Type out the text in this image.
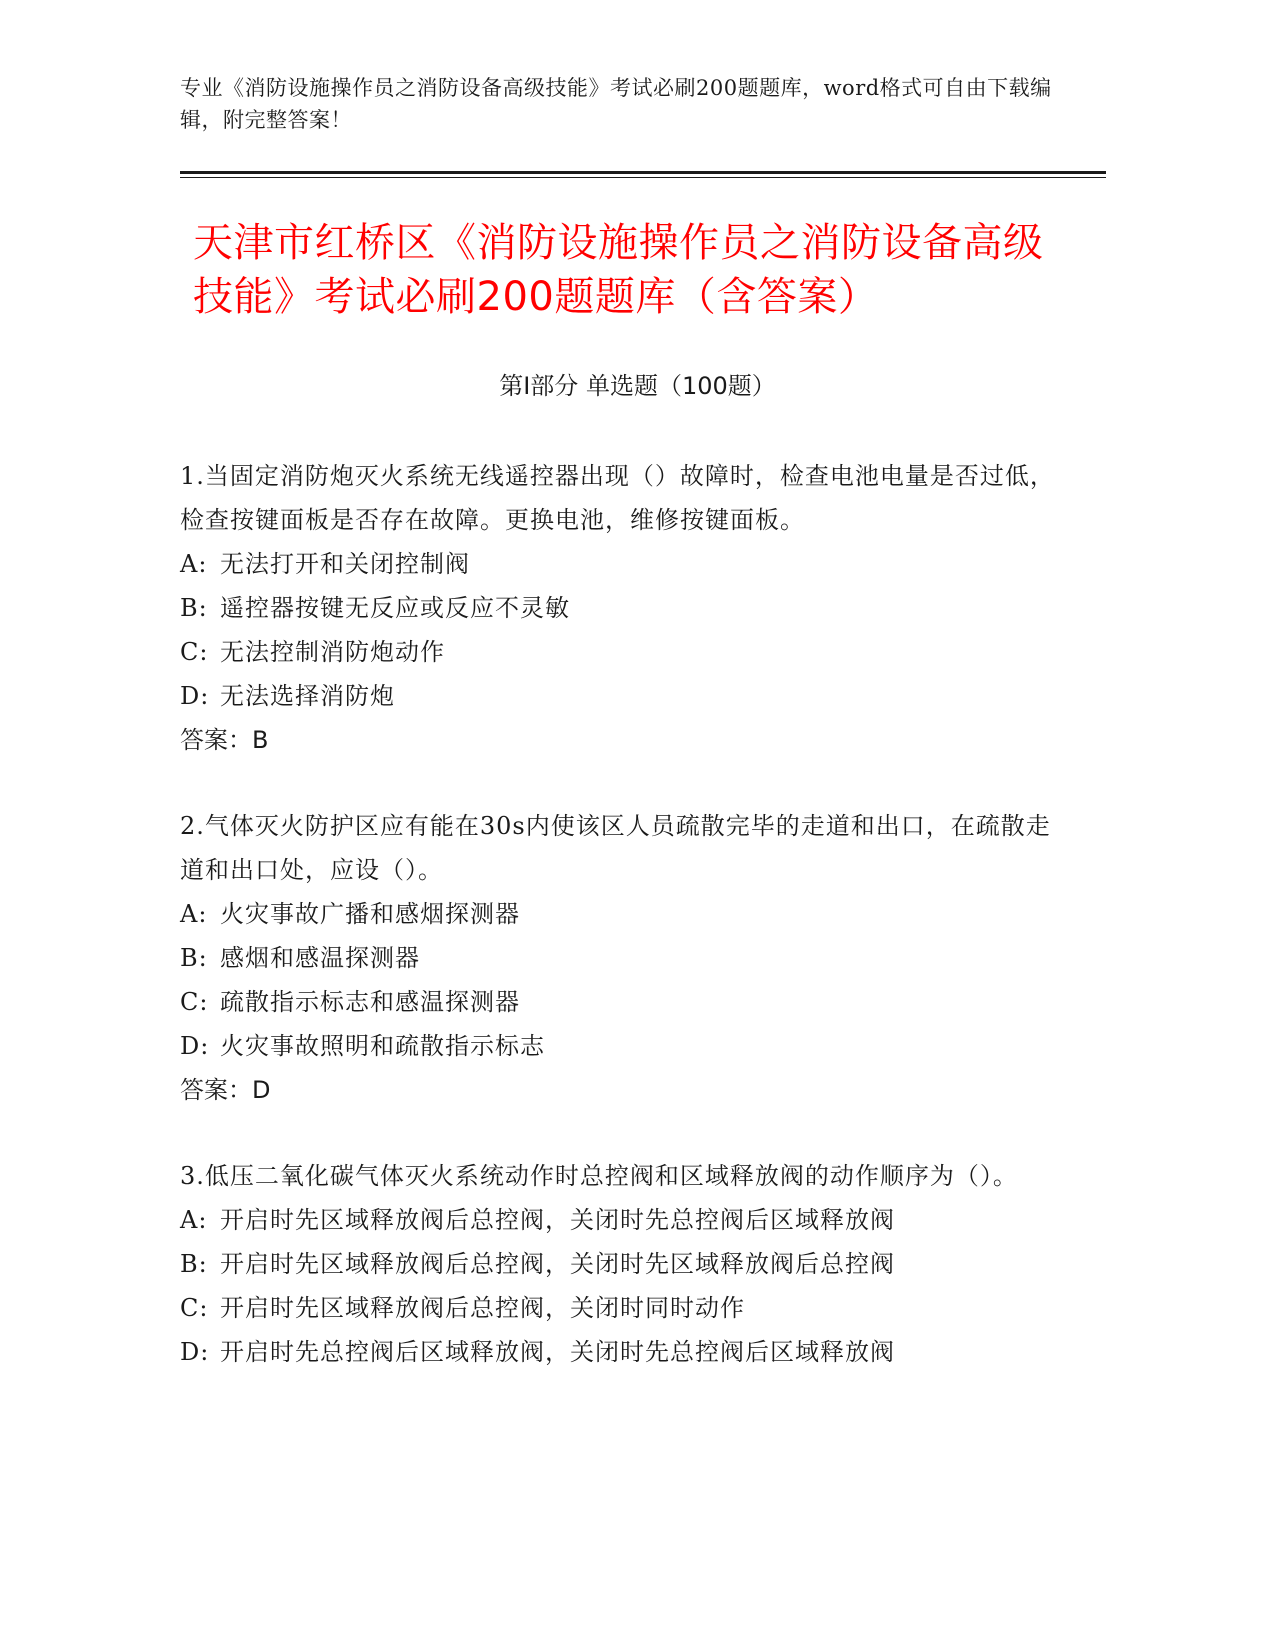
专业《消防设施操作员之消防设备高级技能》考试必刷200题题库，word格式可自由下载编辑，附完整答案！
天津市红桥区《消防设施操作员之消防设备高级技能》考试必刷200题题库（含答案）
第I部分 单选题（100题）
1.当固定消防炮灭火系统无线遥控器出现（）故障时，检查电池电量是否过低，检查按键面板是否存在故障。更换电池，维修按键面板。
A: 无法打开和关闭控制阀
B: 遥控器按键无反应或反应不灵敏
C: 无法控制消防炮动作
D: 无法选择消防炮
答案：B
2.气体灭火防护区应有能在30s内使该区人员疏散完毕的走道和出口，在疏散走道和出口处，应设（）。
A: 火灾事故广播和感烟探测器
B: 感烟和感温探测器
C: 疏散指示标志和感温探测器
D: 火灾事故照明和疏散指示标志
答案：D
3.低压二氧化碳气体灭火系统动作时总控阀和区域释放阀的动作顺序为（）。
A: 开启时先区域释放阀后总控阀，关闭时先总控阀后区域释放阀
B: 开启时先区域释放阀后总控阀，关闭时先区域释放阀后总控阀
C: 开启时先区域释放阀后总控阀，关闭时同时动作
D: 开启时先总控阀后区域释放阀，关闭时先总控阀后区域释放阀
